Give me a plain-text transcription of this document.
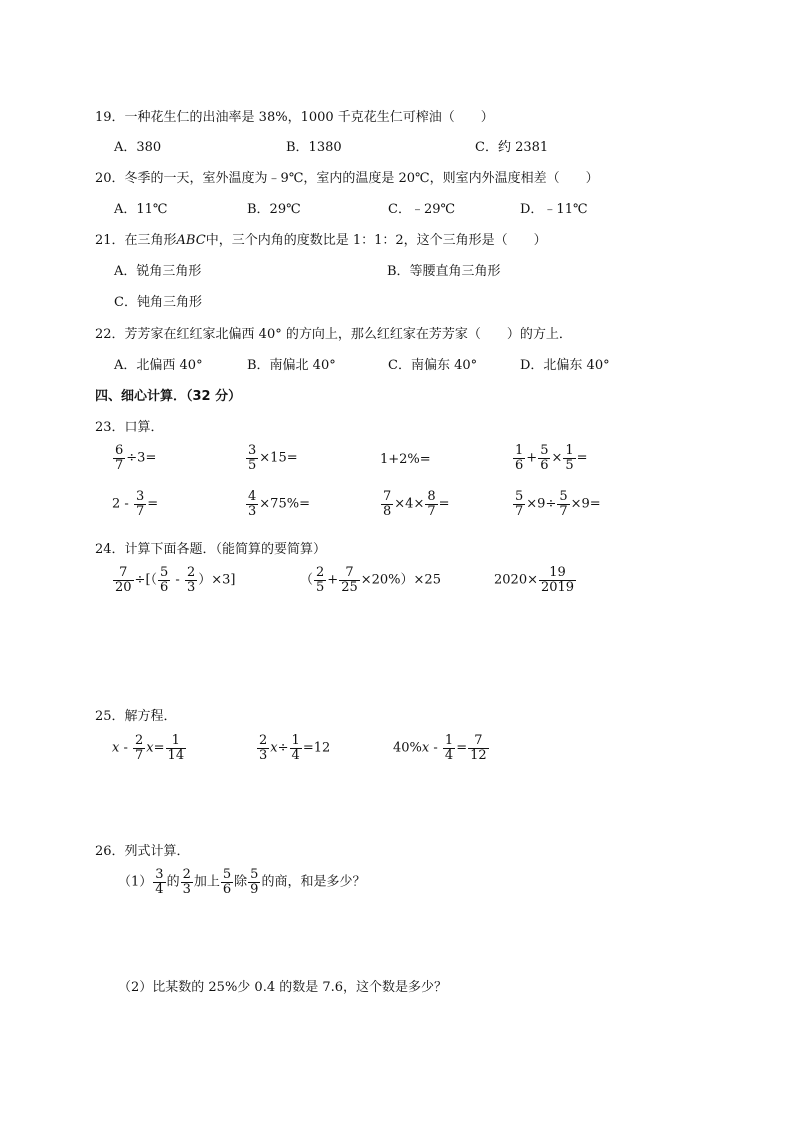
19．一种花生仁的出油率是 38%，1000 千克花生仁可榨油（　　）
A．380	B．1380	C．约 2381
20．冬季的一天，室外温度为﹣9℃，室内的温度是 20℃，则室内外温度相差（　　）
A．11℃	B．29℃	C．﹣29℃	D．﹣11℃
21．在三角形ABC中，三个内角的度数比是 1：1：2，这个三角形是（　　）
A．锐角三角形	B．等腰直角三角形
C．钝角三角形
22．芳芳家在红红家北偏西 40° 的方向上，那么红红家在芳芳家（　　）的方上．
A．北偏西 40°	B．南偏北 40°	C．南偏东 40°	D．北偏东 40°
四、细心计算．（32 分）
23．口算．
$\frac{6}{7} \div 3=$	$\frac{3}{5} \times 15=$	1+2%=	$\frac{1}{6} + \frac{5}{6} \times \frac{1}{5}$ =
$2 - \frac{3}{7}$ =	$\frac{4}{3} \times 75\%=$	$\frac{7}{8} \times 4\times \frac{8}{7}$ =	$\frac{5}{7} \times 9\div \frac{5}{7} \times 9=$
24．计算下面各题．（能简算的要简算）
$\frac{7}{20}$ ÷[（ $\frac{5}{6} - \frac{2}{3} )\times 3$]	（ $\frac{2}{5} + \frac{7}{25} \times 20\%)\times 25$	$2020\times \frac{19}{2019}$
25．解方程．
$x - \frac{2}{7} x= \frac{1}{14}$	$\frac{2}{3} x\div \frac{1}{4} =12$	$40\%x - \frac{1}{4} = \frac{7}{12}$
26．列式计算．
$(1) \frac{3}{4}$ 的 $\frac{2}{3}$ 加上 $\frac{5}{6}$ 除 $\frac{5}{9}$ 的商，和是多少？
（2）比某数的 25%少 0.4 的数是 7.6，这个数是多少？
